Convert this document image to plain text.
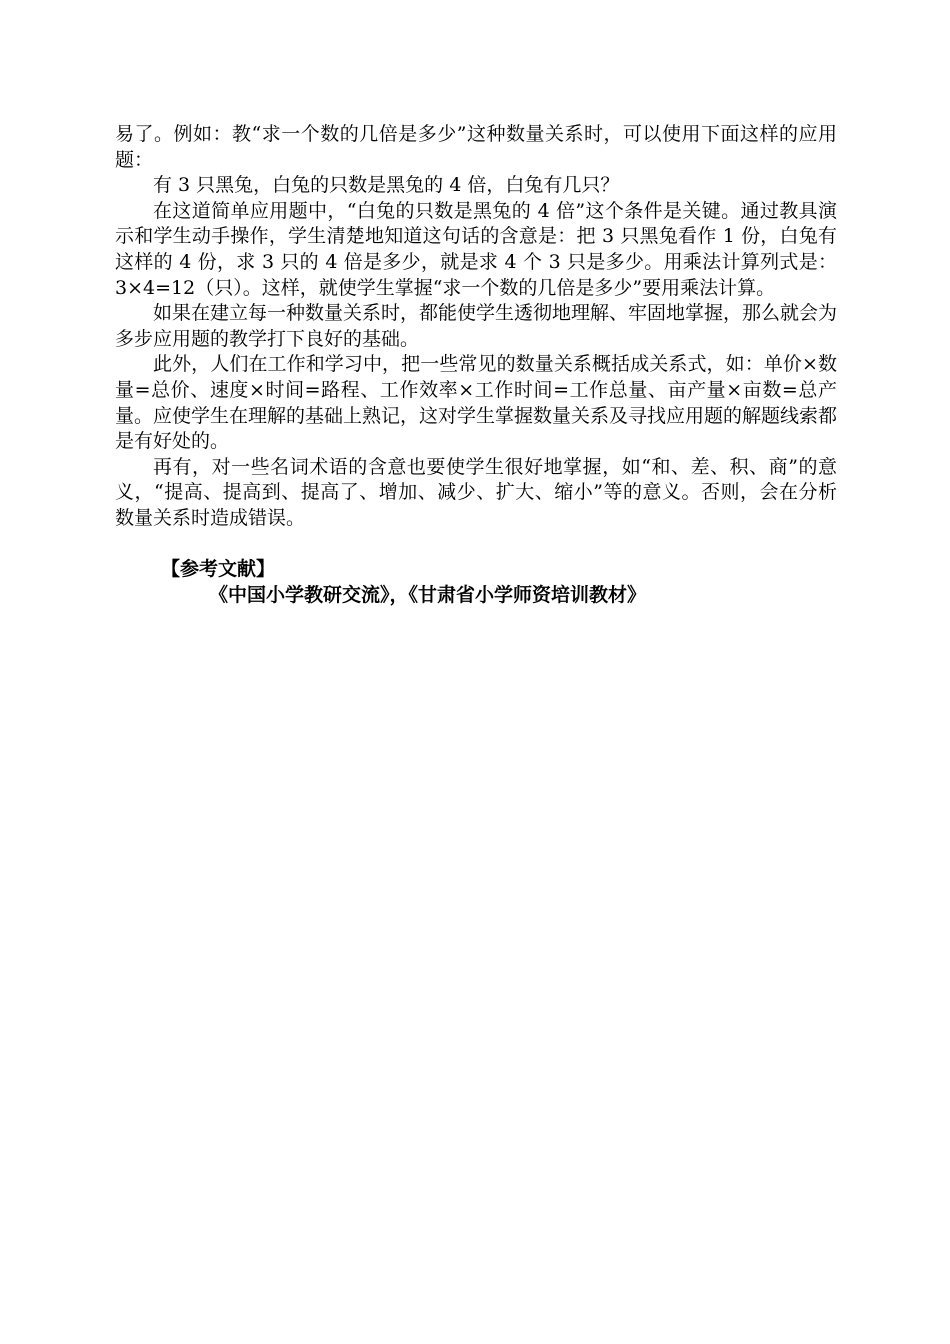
易了。例如：教“求一个数的几倍是多少”这种数量关系时，可以使用下面这样的应用题：

有 3 只黑兔，白兔的只数是黑兔的 4 倍，白兔有几只？

在这道简单应用题中，“白兔的只数是黑兔的 4 倍”这个条件是关键。通过教具演示和学生动手操作，学生清楚地知道这句话的含意是：把 3 只黑兔看作 1 份，白兔有这样的 4 份，求 3 只的 4 倍是多少，就是求 4 个 3 只是多少。用乘法计算列式是：3×4=12（只）。这样，就使学生掌握“求一个数的几倍是多少”要用乘法计算。

如果在建立每一种数量关系时，都能使学生透彻地理解、牢固地掌握，那么就会为多步应用题的教学打下良好的基础。

此外，人们在工作和学习中，把一些常见的数量关系概括成关系式，如：单价×数量=总价、速度×时间=路程、工作效率×工作时间=工作总量、亩产量×亩数=总产量。应使学生在理解的基础上熟记，这对学生掌握数量关系及寻找应用题的解题线索都是有好处的。

再有，对一些名词术语的含意也要使学生很好地掌握，如“和、差、积、商”的意义，“提高、提高到、提高了、增加、减少、扩大、缩小”等的意义。否则，会在分析数量关系时造成错误。

【参考文献】
《中国小学教研交流》，《甘肃省小学师资培训教材》
